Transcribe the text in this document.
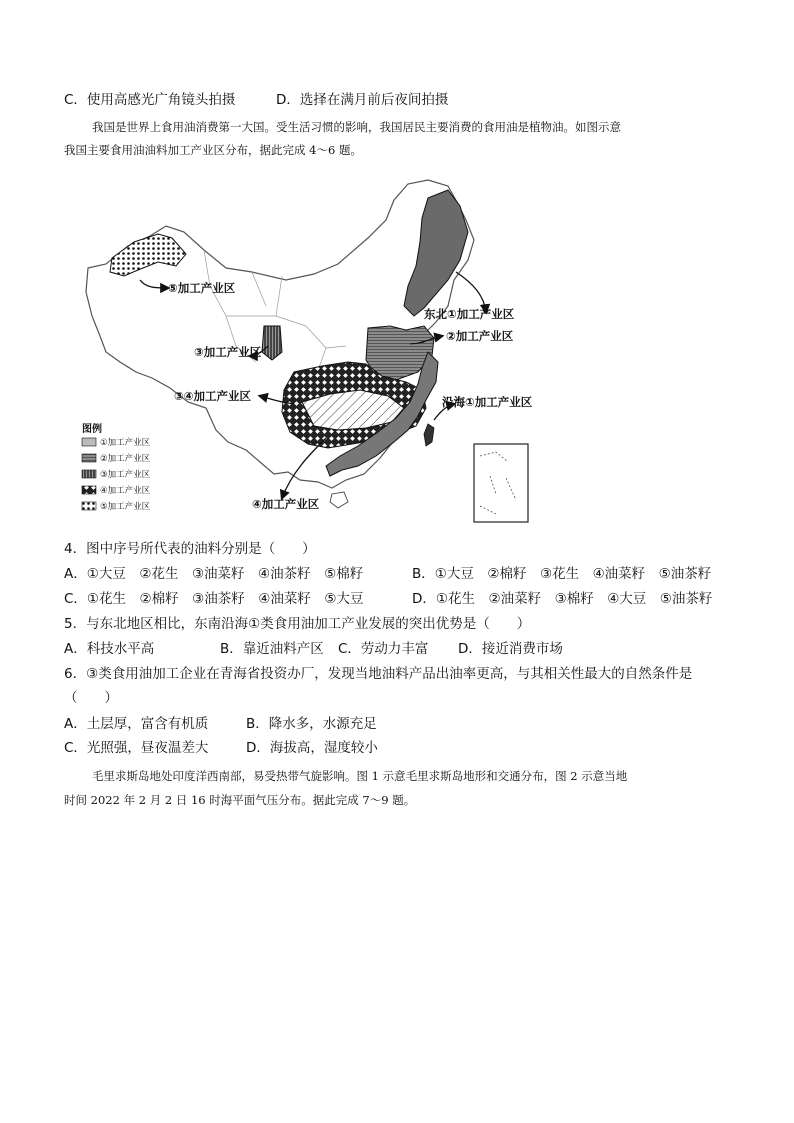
C．使用高感光广角镜头拍摄	D．选择在满月前后夜间拍摄
我国是世界上食用油消费第一大国。受生活习惯的影响，我国居民主要消费的食用油是植物油。如图示意
我国主要食用油油料加工产业区分布，据此完成 4～6 题。
⑤加工产业区
东北①加工产业区
②加工产业区
③加工产业区
③④加工产业区	沿海①加工产业区
④加工产业区
图例
①加工产业区
②加工产业区
③加工产业区
④加工产业区
⑤加工产业区
4．图中序号所代表的油料分别是（　　）
A．①大豆　②花生　③油菜籽　④油茶籽　⑤棉籽	B．①大豆　②棉籽　③花生　④油菜籽　⑤油茶籽
C．①花生　②棉籽　③油茶籽　④油菜籽　⑤大豆	D．①花生　②油菜籽　③棉籽　④大豆　⑤油茶籽
5．与东北地区相比，东南沿海①类食用油加工产业发展的突出优势是（　　）
A．科技水平高	B．靠近油料产区 C．劳动力丰富 D．接近消费市场
6．③类食用油加工企业在青海省投资办厂，发现当地油料产品出油率更高，与其相关性最大的自然条件是
（　　）
A．土层厚，富含有机质	B．降水多，水源充足
C．光照强，昼夜温差大	D．海拔高，湿度较小
毛里求斯岛地处印度洋西南部，易受热带气旋影响。图 1 示意毛里求斯岛地形和交通分布，图 2 示意当地
时间 2022 年 2 月 2 日 16 时海平面气压分布。据此完成 7～9 题。
